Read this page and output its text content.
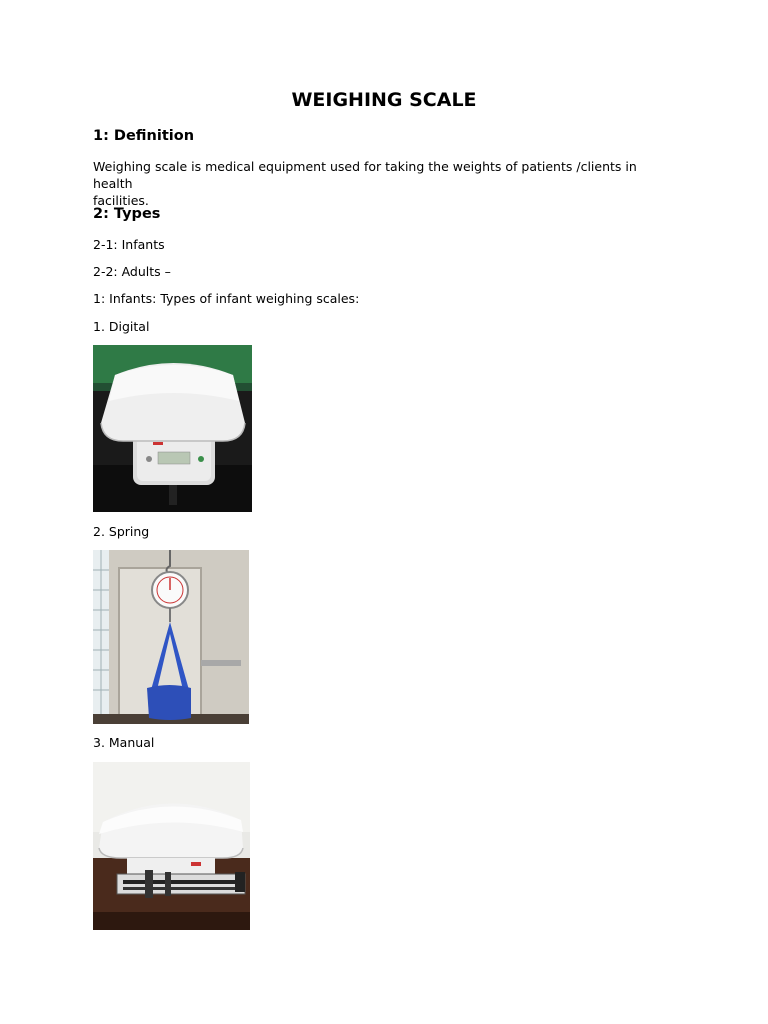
WEIGHING SCALE
1: Definition
Weighing scale is medical equipment used for taking the weights of patients /clients in health
facilities.
2: Types
2-1: Infants
2-2: Adults –
1: Infants: Types of infant weighing scales:
1. Digital
2. Spring
3. Manual
